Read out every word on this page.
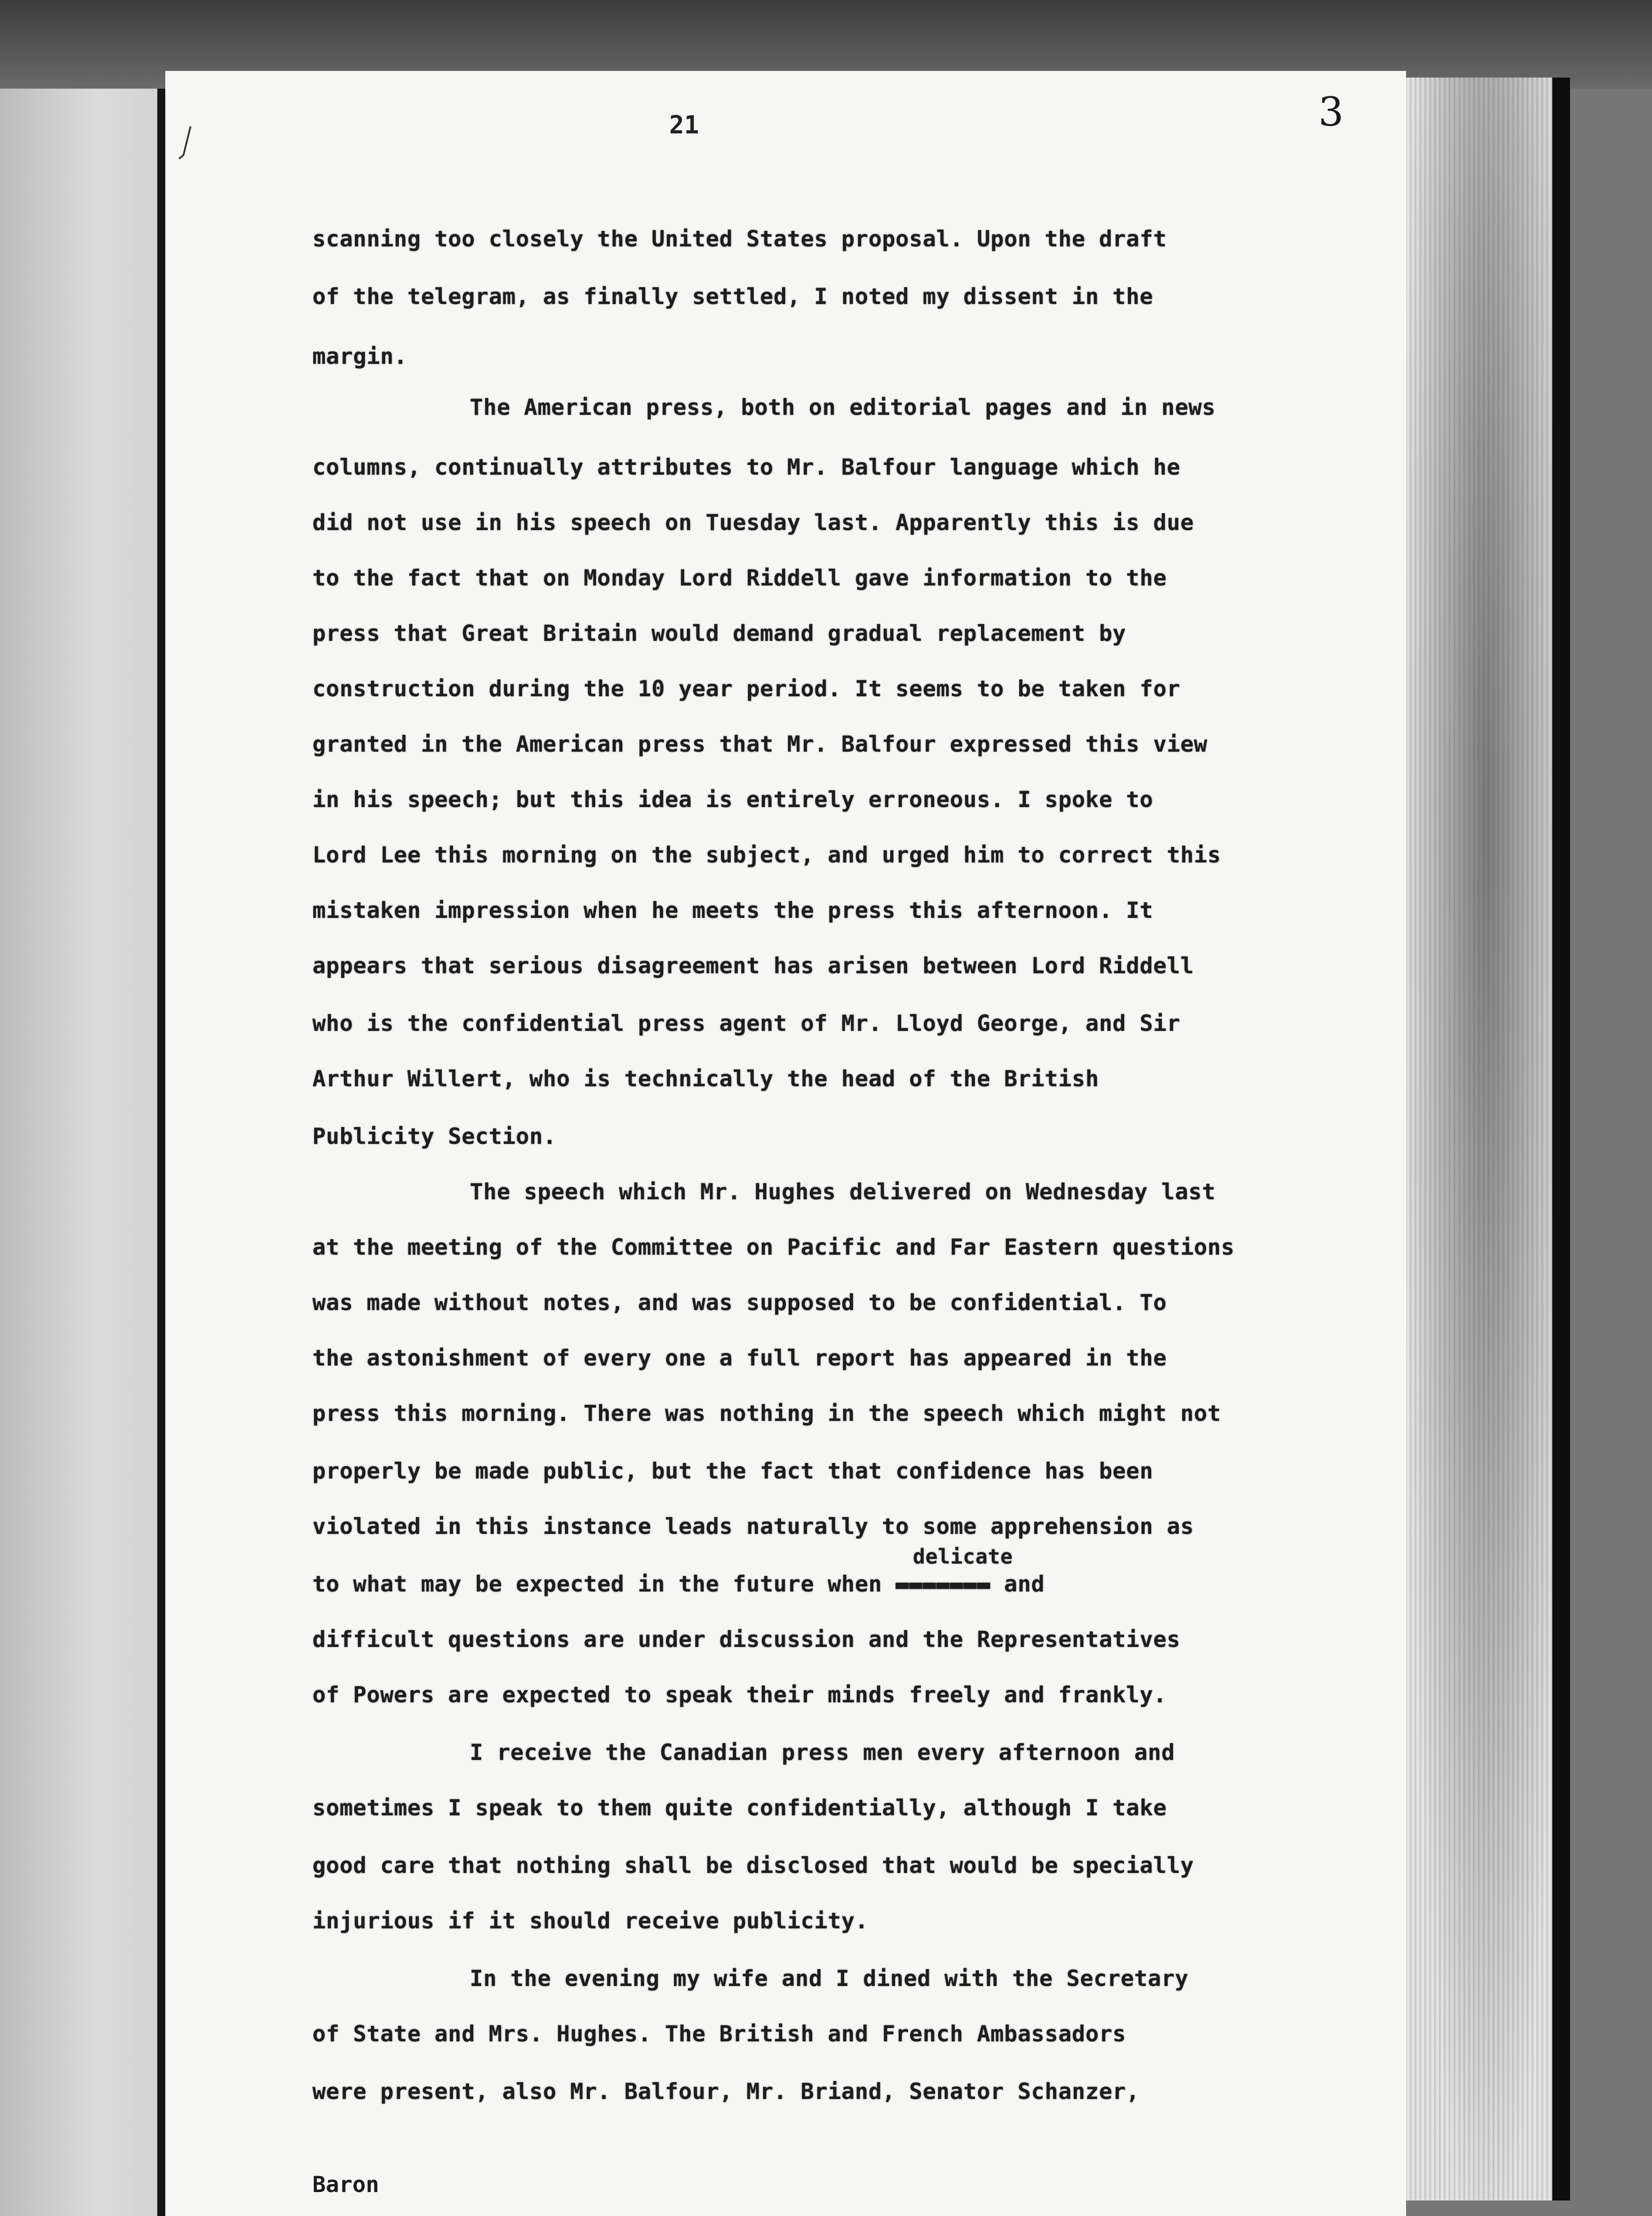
21	3
scanning too closely the United States proposal. Upon the draft
of the telegram, as finally settled, I noted my dissent in the
margin.
The American press, both on editorial pages and in news
columns, continually attributes to Mr. Balfour language which he
did not use in his speech on Tuesday last. Apparently this is due
to the fact that on Monday Lord Riddell gave information to the
press that Great Britain would demand gradual replacement by
construction during the 10 year period. It seems to be taken for
granted in the American press that Mr. Balfour expressed this view
in his speech; but this idea is entirely erroneous. I spoke to
Lord Lee this morning on the subject, and urged him to correct this
mistaken impression when he meets the press this afternoon. It
appears that serious disagreement has arisen between Lord Riddell
who is the confidential press agent of Mr. Lloyd George, and Sir
Arthur Willert, who is technically the head of the British
Publicity Section.
The speech which Mr. Hughes delivered on Wednesday last
at the meeting of the Committee on Pacific and Far Eastern questions
was made without notes, and was supposed to be confidential. To
the astonishment of every one a full report has appeared in the
press this morning. There was nothing in the speech which might not
properly be made public, but the fact that confidence has been
violated in this instance leads naturally to some apprehension as
delicate
to what may be expected in the future when ▬▬▬▬▬▬▬ and
difficult questions are under discussion and the Representatives
of Powers are expected to speak their minds freely and frankly.
I receive the Canadian press men every afternoon and
sometimes I speak to them quite confidentially, although I take
good care that nothing shall be disclosed that would be specially
injurious if it should receive publicity.
In the evening my wife and I dined with the Secretary
of State and Mrs. Hughes. The British and French Ambassadors
were present, also Mr. Balfour, Mr. Briand, Senator Schanzer,
Baron
